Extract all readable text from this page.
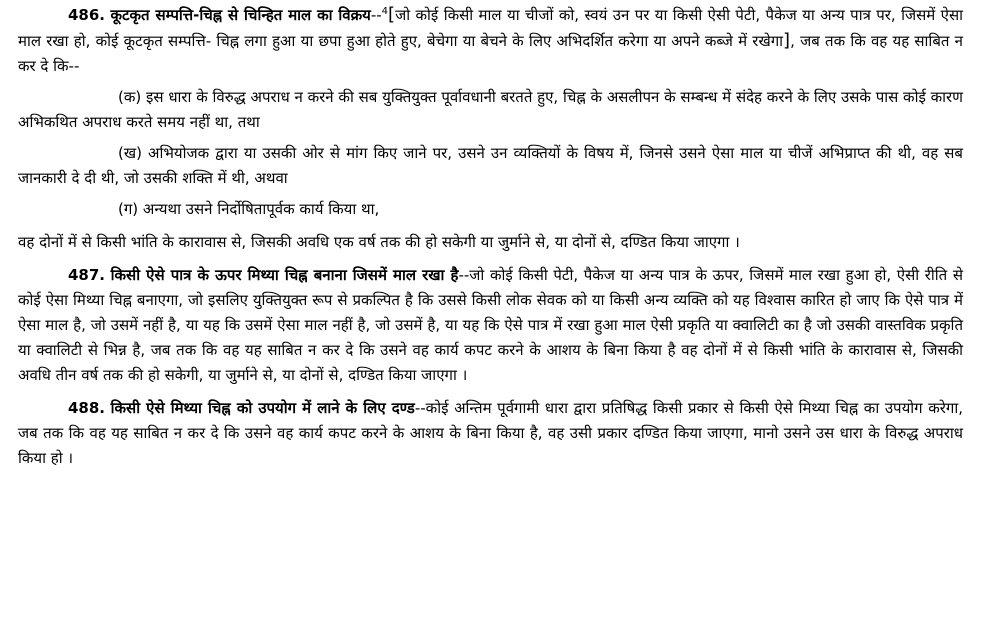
486. कूटकृत सम्पत्ति-चिह्न से चिन्हित माल का विक्रय--$^4$[जो कोई किसी माल या चीजों को, स्वयं उन पर या किसी ऐसी पेटी, पैकेज या अन्य पात्र पर, जिसमें ऐसा माल रखा हो, कोई कूटकृत सम्पत्ति- चिह्न लगा हुआ या छपा हुआ होते हुए, बेचेगा या बेचने के लिए अभिदर्शित करेगा या अपने कब्जे में रखेगा], जब तक कि वह यह साबित न कर दे कि--

(क) इस धारा के विरुद्ध अपराध न करने की सब युक्तियुक्त पूर्वावधानी बरतते हुए, चिह्न के असलीपन के सम्बन्ध में संदेह करने के लिए उसके पास कोई कारण अभिकथित अपराध करते समय नहीं था, तथा

(ख) अभियोजक द्वारा या उसकी ओर से मांग किए जाने पर, उसने उन व्यक्तियों के विषय में, जिनसे उसने ऐसा माल या चीजें अभिप्राप्त की थी, वह सब जानकारी दे दी थी, जो उसकी शक्ति में थी, अथवा

(ग) अन्यथा उसने निर्दोषितापूर्वक कार्य किया था,

वह दोनों में से किसी भांति के कारावास से, जिसकी अवधि एक वर्ष तक की हो सकेगी या जुर्माने से, या दोनों से, दण्डित किया जाएगा ।

487. किसी ऐसे पात्र के ऊपर मिथ्या चिह्न बनाना जिसमें माल रखा है--जो कोई किसी पेटी, पैकेज या अन्य पात्र के ऊपर, जिसमें माल रखा हुआ हो, ऐसी रीति से कोई ऐसा मिथ्या चिह्न बनाएगा, जो इसलिए युक्तियुक्त रूप से प्रकल्पित है कि उससे किसी लोक सेवक को या किसी अन्य व्यक्ति को यह विश्वास कारित हो जाए कि ऐसे पात्र में ऐसा माल है, जो उसमें नहीं है, या यह कि उसमें ऐसा माल नहीं है, जो उसमें है, या यह कि ऐसे पात्र में रखा हुआ माल ऐसी प्रकृति या क्वालिटी का है जो उसकी वास्तविक प्रकृति या क्वालिटी से भिन्न है, जब तक कि वह यह साबित न कर दे कि उसने वह कार्य कपट करने के आशय के बिना किया है वह दोनों में से किसी भांति के कारावास से, जिसकी अवधि तीन वर्ष तक की हो सकेगी, या जुर्माने से, या दोनों से, दण्डित किया जाएगा ।

488. किसी ऐसे मिथ्या चिह्न को उपयोग में लाने के लिए दण्ड--कोई अन्तिम पूर्वगामी धारा द्वारा प्रतिषिद्ध किसी प्रकार से किसी ऐसे मिथ्या चिह्न का उपयोग करेगा, जब तक कि वह यह साबित न कर दे कि उसने वह कार्य कपट करने के आशय के बिना किया है, वह उसी प्रकार दण्डित किया जाएगा, मानो उसने उस धारा के विरुद्ध अपराध किया हो ।
